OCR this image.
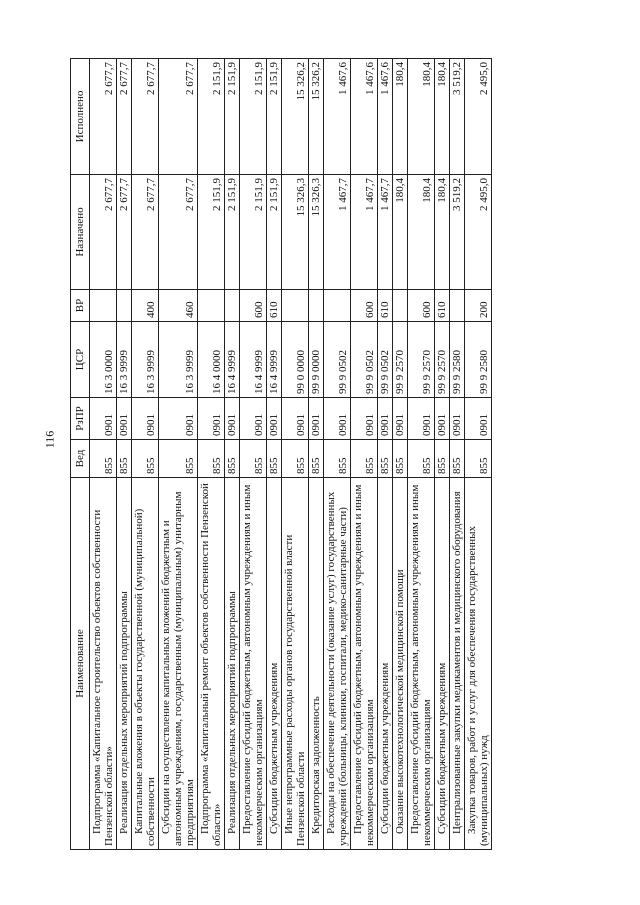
116
Наименование	Вед	РзПР	ЦСР	ВР	Назначено	Исполнено
Подпрограмма «Капитальное строительство объектов собственности Пензенской области»	855	0901	16 3 0000		2 677,7	2 677,7
Реализация отдельных мероприятий подпрограммы	855	0901	16 3 9999		2 677,7	2 677,7
Капитальные вложения в объекты государственной (муниципальной) собственности	855	0901	16 3 9999	400	2 677,7	2 677,7
Субсидии на осуществление капитальных вложений бюджетным и автономным учреждениям, государственным (муниципальным) унитарным предприятиям	855	0901	16 3 9999	460	2 677,7	2 677,7
Подпрограмма «Капитальный ремонт объектов собственности Пензенской области»	855	0901	16 4 0000		2 151,9	2 151,9
Реализация отдельных мероприятий подпрограммы	855	0901	16 4 9999		2 151,9	2 151,9
Предоставление субсидий бюджетным, автономным учреждениям и иным некоммерческим организациям	855	0901	16 4 9999	600	2 151,9	2 151,9
Субсидии бюджетным учреждениям	855	0901	16 4 9999	610	2 151,9	2 151,9
Иные непрограммные расходы органов государственной власти Пензенской области	855	0901	99 0 0000		15 326,3	15 326,2
Кредиторская задолженность	855	0901	99 9 0000		15 326,3	15 326,2
Расходы на обеспечение деятельности (оказание услуг) государственных учреждений (больницы, клиники, госпитали, медико-санитарные части)	855	0901	99 9 0502		1 467,7	1 467,6
Предоставление субсидий бюджетным, автономным учреждениям и иным некоммерческим организациям	855	0901	99 9 0502	600	1 467,7	1 467,6
Субсидии бюджетным учреждениям	855	0901	99 9 0502	610	1 467,7	1 467,6
Оказание высокотехнологической медицинской помощи	855	0901	99 9 2570		180,4	180,4
Предоставление субсидий бюджетным, автономным учреждениям и иным некоммерческим организациям	855	0901	99 9 2570	600	180,4	180,4
Субсидии бюджетным учреждениям	855	0901	99 9 2570	610	180,4	180,4
Централизованные закупки медикаментов и медицинского оборудования	855	0901	99 9 2580		3 519,2	3 519,2
Закупка товаров, работ и услуг для обеспечения государственных (муниципальных) нужд	855	0901	99 9 2580	200	2 495,0	2 495,0
